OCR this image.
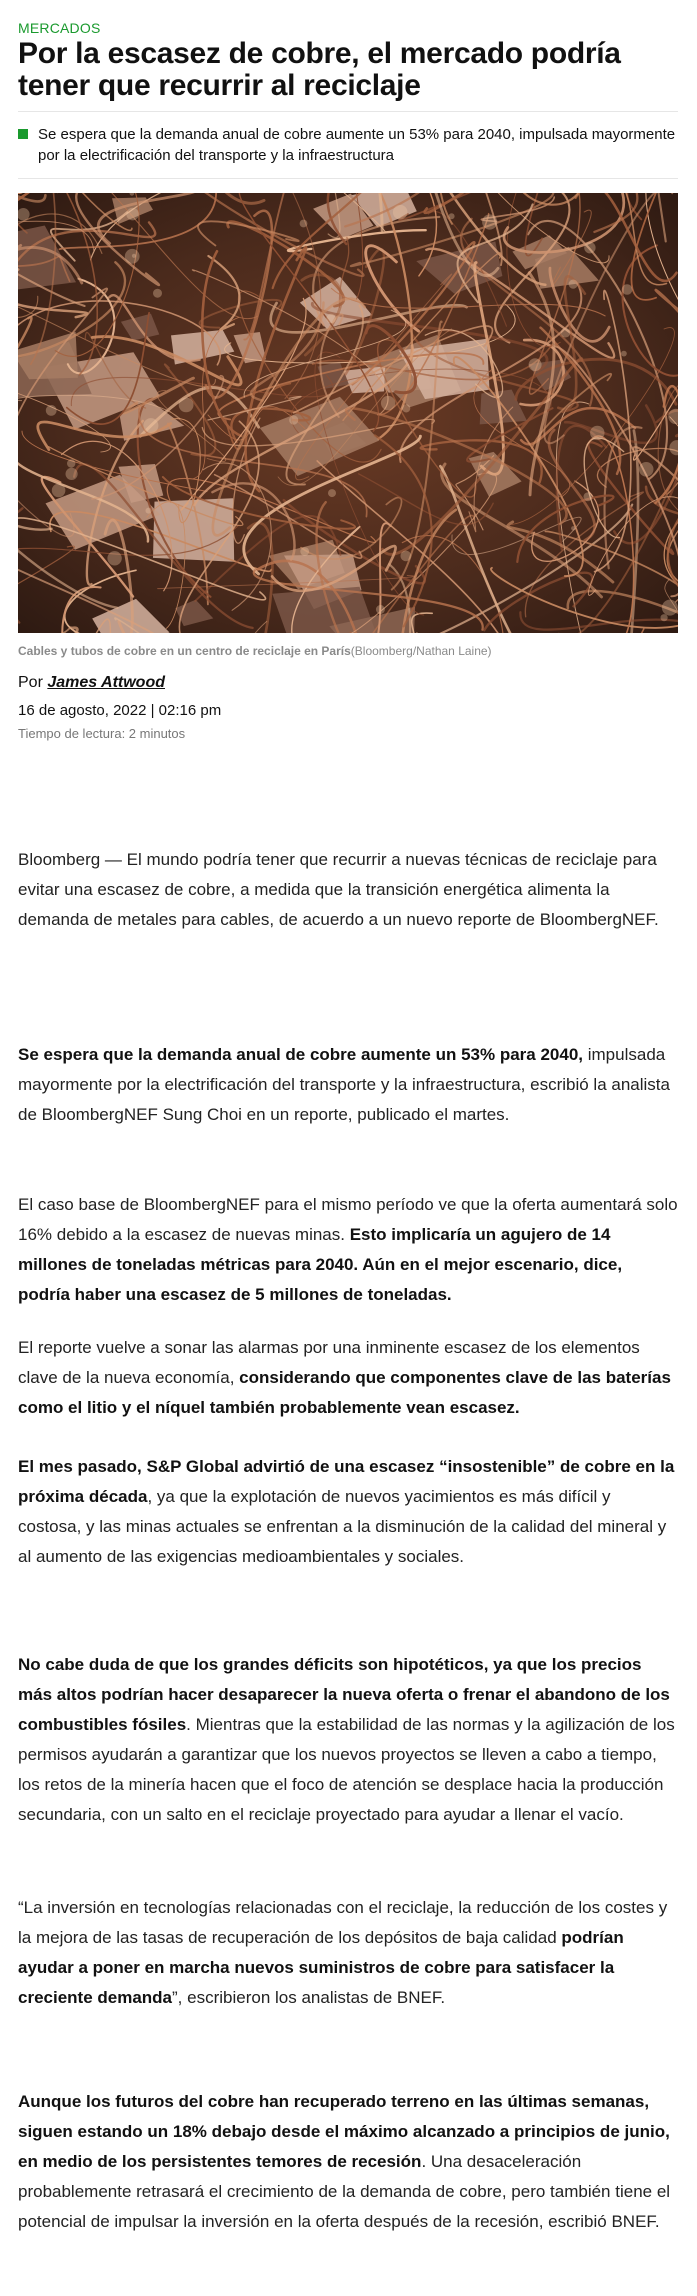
MERCADOS
Por la escasez de cobre, el mercado podría tener que recurrir al reciclaje
Se espera que la demanda anual de cobre aumente un 53% para 2040, impulsada mayormente por la electrificación del transporte y la infraestructura
Cables y tubos de cobre en un centro de reciclaje en París(Bloomberg/Nathan Laine)
Por James Attwood
16 de agosto, 2022 | 02:16 pm
Tiempo de lectura: 2 minutos

Bloomberg — El mundo podría tener que recurrir a nuevas técnicas de reciclaje para evitar una escasez de cobre, a medida que la transición energética alimenta la demanda de metales para cables, de acuerdo a un nuevo reporte de BloombergNEF.

Se espera que la demanda anual de cobre aumente un 53% para 2040, impulsada mayormente por la electrificación del transporte y la infraestructura, escribió la analista de BloombergNEF Sung Choi en un reporte, publicado el martes.

El caso base de BloombergNEF para el mismo período ve que la oferta aumentará solo 16% debido a la escasez de nuevas minas. Esto implicaría un agujero de 14 millones de toneladas métricas para 2040. Aún en el mejor escenario, dice, podría haber una escasez de 5 millones de toneladas.

El reporte vuelve a sonar las alarmas por una inminente escasez de los elementos clave de la nueva economía, considerando que componentes clave de las baterías como el litio y el níquel también probablemente vean escasez.

El mes pasado, S&P Global advirtió de una escasez “insostenible” de cobre en la próxima década, ya que la explotación de nuevos yacimientos es más difícil y costosa, y las minas actuales se enfrentan a la disminución de la calidad del mineral y al aumento de las exigencias medioambientales y sociales.

No cabe duda de que los grandes déficits son hipotéticos, ya que los precios más altos podrían hacer desaparecer la nueva oferta o frenar el abandono de los combustibles fósiles. Mientras que la estabilidad de las normas y la agilización de los permisos ayudarán a garantizar que los nuevos proyectos se lleven a cabo a tiempo, los retos de la minería hacen que el foco de atención se desplace hacia la producción secundaria, con un salto en el reciclaje proyectado para ayudar a llenar el vacío.

“La inversión en tecnologías relacionadas con el reciclaje, la reducción de los costes y la mejora de las tasas de recuperación de los depósitos de baja calidad podrían ayudar a poner en marcha nuevos suministros de cobre para satisfacer la creciente demanda”, escribieron los analistas de BNEF.

Aunque los futuros del cobre han recuperado terreno en las últimas semanas, siguen estando un 18% debajo desde el máximo alcanzado a principios de junio, en medio de los persistentes temores de recesión. Una desaceleración probablemente retrasará el crecimiento de la demanda de cobre, pero también tiene el potencial de impulsar la inversión en la oferta después de la recesión, escribió BNEF.
